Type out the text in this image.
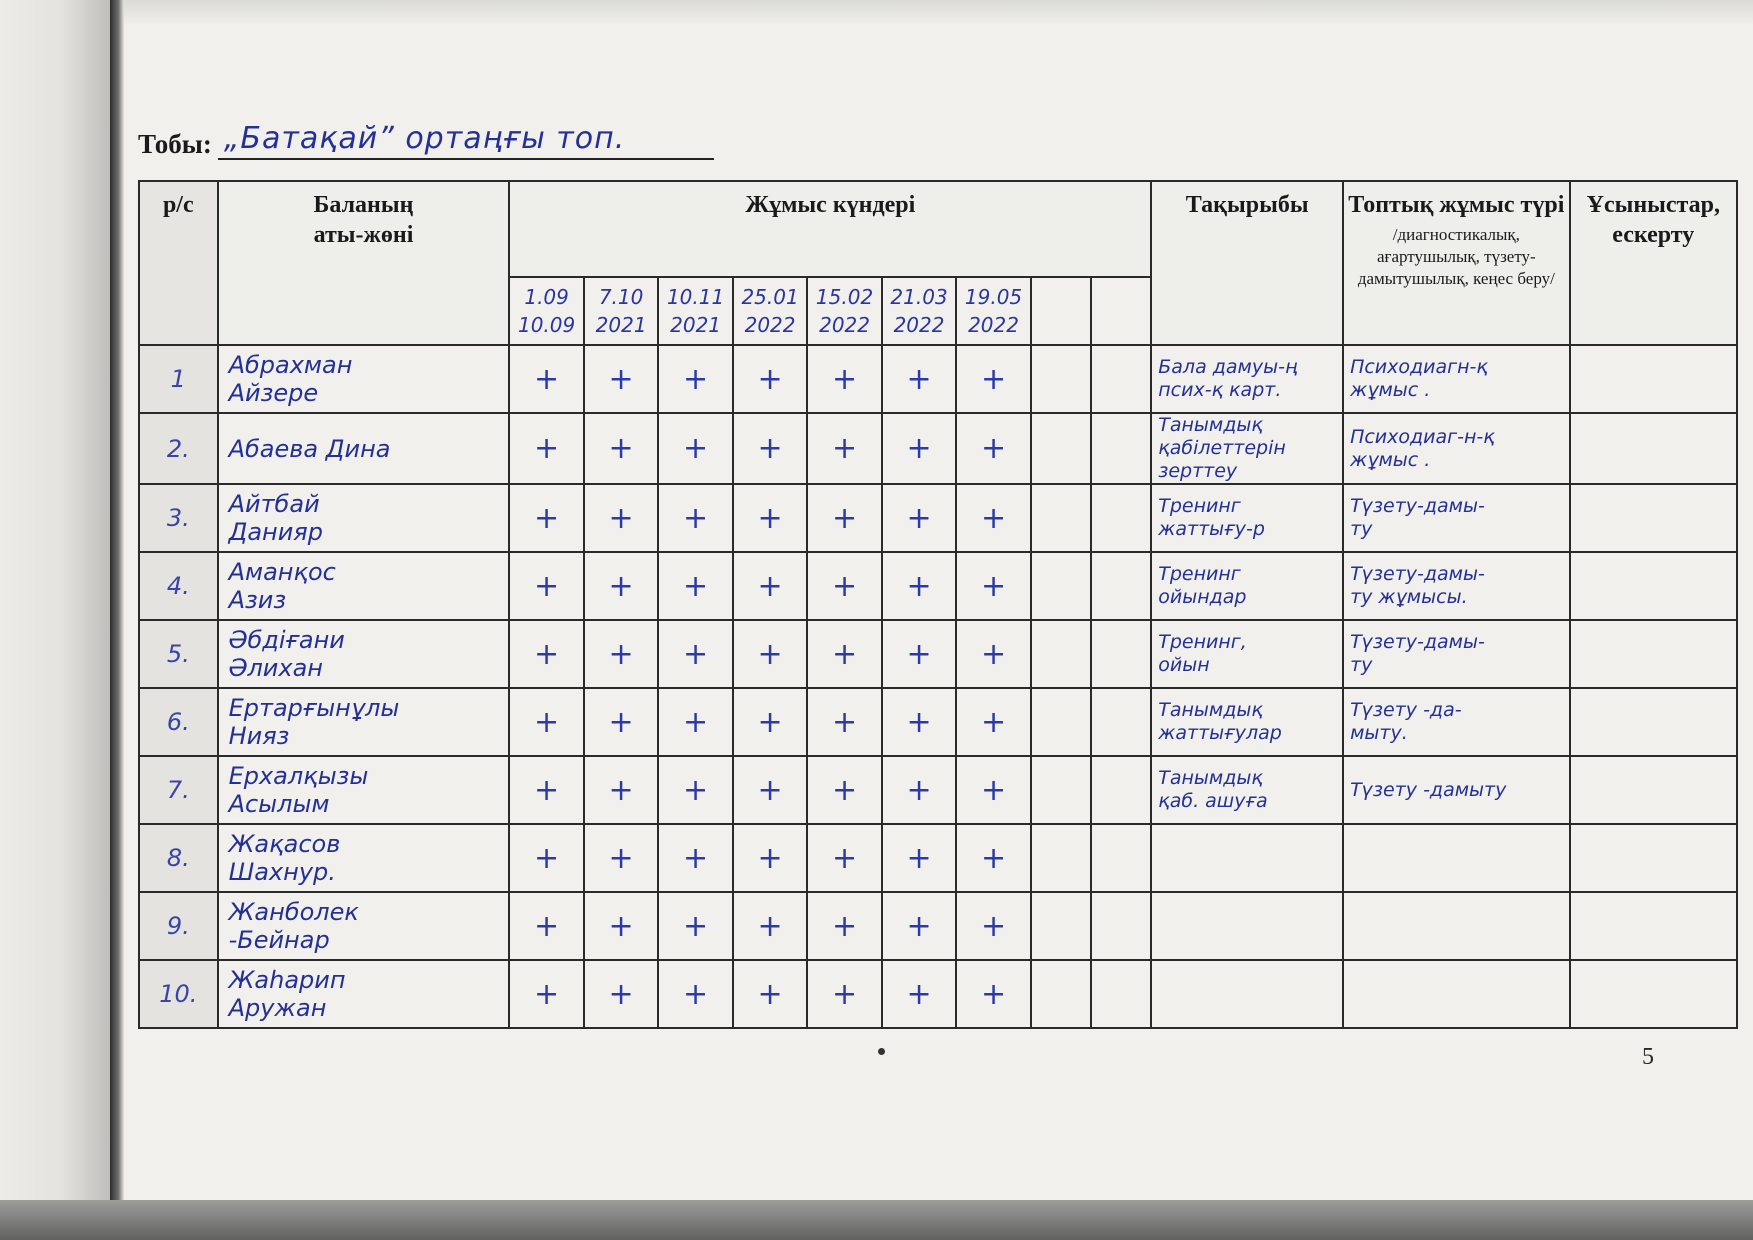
Тобы: „Батақай” ортаңғы топ.
р/с	Баланың
аты-жөні	Жұмыс күндері									Тақырыбы	Топтық жұмыс түрі
/диагностикалық, ағартушылық, түзету-дамытушылық, кеңес беру/	Ұсыныстар, ескерту
		1.09
10.09	7.10
2021	10.11
2021	25.01
2022	15.02
2022	21.03
2022	19.05
2022					
1	Абрахман
Айзере	+	+	+	+	+	+	+			Бала дамуы-ң
псих-қ карт.	Психодиагн-қ
жұмыс .	
2.	Абаева Дина	+	+	+	+	+	+	+			Танымдық
қабілеттерін
зерттеу	Психодиаг-н-қ
жұмыс .	
3.	Айтбай
Данияр	+	+	+	+	+	+	+			Тренинг
жаттығу-р	Түзету-дамы-
ту	
4.	Аманқос
Азиз	+	+	+	+	+	+	+			Тренинг
ойындар	Түзету-дамы-
ту жұмысы.	
5.	Әбдіғани
Әлихан	+	+	+	+	+	+	+			Тренинг,
ойын	Түзету-дамы-
ту	
6.	Ертарғынұлы
Нияз	+	+	+	+	+	+	+			Танымдық
жаттығулар	Түзету -да-
мыту.	
7.	Ерхалқызы
Асылым	+	+	+	+	+	+	+			Танымдық
қаб. ашуға	Түзету -дамыту	
8.	Жақасов
Шахнур.	+	+	+	+	+	+	+					
9.	Жанболек
-Бейнар	+	+	+	+	+	+	+					
10.	Жаһарип
Аружан	+	+	+	+	+	+	+					
5
